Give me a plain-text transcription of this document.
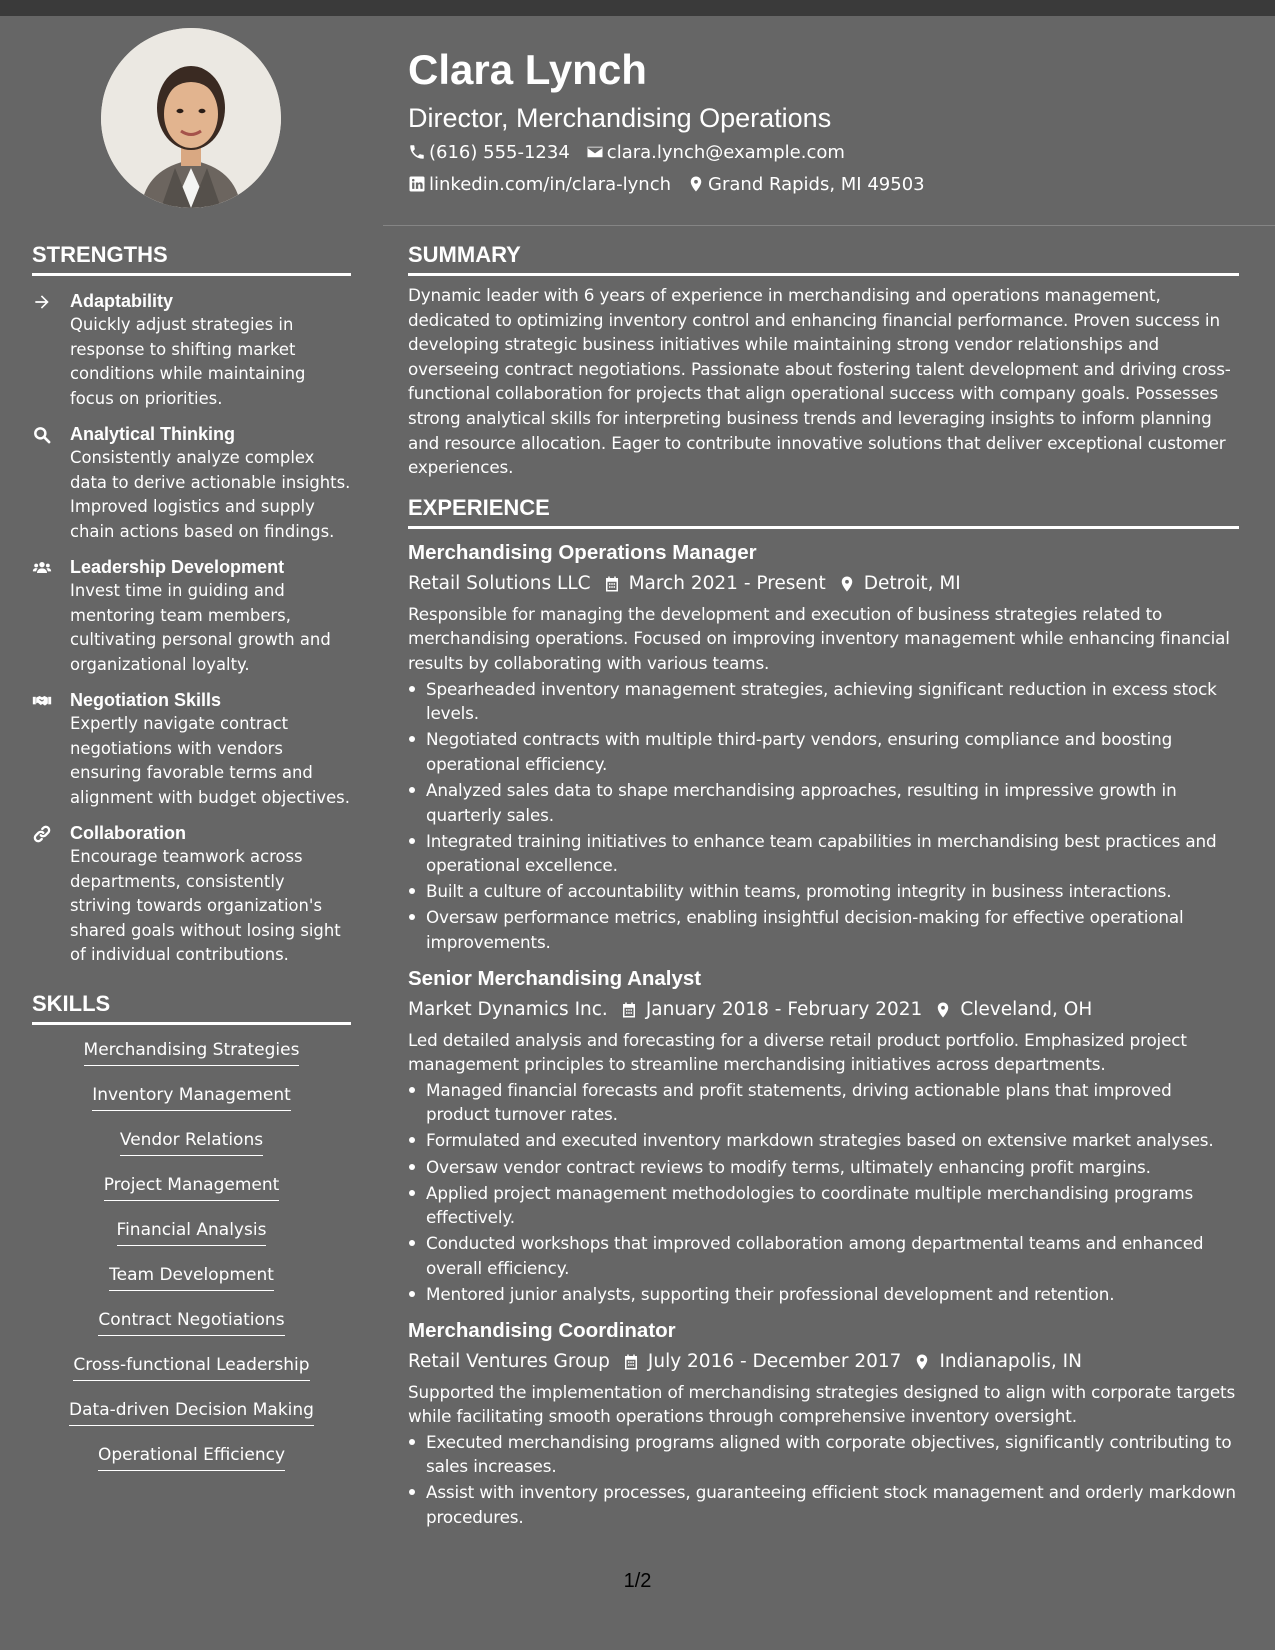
Clara Lynch
Director, Merchandising Operations
(616) 555-1234 clara.lynch@example.com
linkedin.com/in/clara-lynch Grand Rapids, MI 49503
STRENGTHS
Adaptability
Quickly adjust strategies in response to shifting market conditions while maintaining focus on priorities.
Analytical Thinking
Consistently analyze complex data to derive actionable insights. Improved logistics and supply chain actions based on findings.
Leadership Development
Invest time in guiding and mentoring team members, cultivating personal growth and organizational loyalty.
Negotiation Skills
Expertly navigate contract negotiations with vendors ensuring favorable terms and alignment with budget objectives.
Collaboration
Encourage teamwork across departments, consistently striving towards organization's shared goals without losing sight of individual contributions.
SKILLS
Merchandising Strategies
Inventory Management
Vendor Relations
Project Management
Financial Analysis
Team Development
Contract Negotiations
Cross-functional Leadership
Data-driven Decision Making
Operational Efficiency
SUMMARY
Dynamic leader with 6 years of experience in merchandising and operations management, dedicated to optimizing inventory control and enhancing financial performance. Proven success in developing strategic business initiatives while maintaining strong vendor relationships and overseeing contract negotiations. Passionate about fostering talent development and driving cross-functional collaboration for projects that align operational success with company goals. Possesses strong analytical skills for interpreting business trends and leveraging insights to inform planning and resource allocation. Eager to contribute innovative solutions that deliver exceptional customer experiences.
EXPERIENCE
Merchandising Operations Manager
Retail Solutions LLC March 2021 - Present Detroit, MI
Responsible for managing the development and execution of business strategies related to merchandising operations. Focused on improving inventory management while enhancing financial results by collaborating with various teams.
Spearheaded inventory management strategies, achieving significant reduction in excess stock levels.
Negotiated contracts with multiple third-party vendors, ensuring compliance and boosting operational efficiency.
Analyzed sales data to shape merchandising approaches, resulting in impressive growth in quarterly sales.
Integrated training initiatives to enhance team capabilities in merchandising best practices and operational excellence.
Built a culture of accountability within teams, promoting integrity in business interactions.
Oversaw performance metrics, enabling insightful decision-making for effective operational improvements.
Senior Merchandising Analyst
Market Dynamics Inc. January 2018 - February 2021 Cleveland, OH
Led detailed analysis and forecasting for a diverse retail product portfolio. Emphasized project management principles to streamline merchandising initiatives across departments.
Managed financial forecasts and profit statements, driving actionable plans that improved product turnover rates.
Formulated and executed inventory markdown strategies based on extensive market analyses.
Oversaw vendor contract reviews to modify terms, ultimately enhancing profit margins.
Applied project management methodologies to coordinate multiple merchandising programs effectively.
Conducted workshops that improved collaboration among departmental teams and enhanced overall efficiency.
Mentored junior analysts, supporting their professional development and retention.
Merchandising Coordinator
Retail Ventures Group July 2016 - December 2017 Indianapolis, IN
Supported the implementation of merchandising strategies designed to align with corporate targets while facilitating smooth operations through comprehensive inventory oversight.
Executed merchandising programs aligned with corporate objectives, significantly contributing to sales increases.
Assist with inventory processes, guaranteeing efficient stock management and orderly markdown procedures.
1/2
